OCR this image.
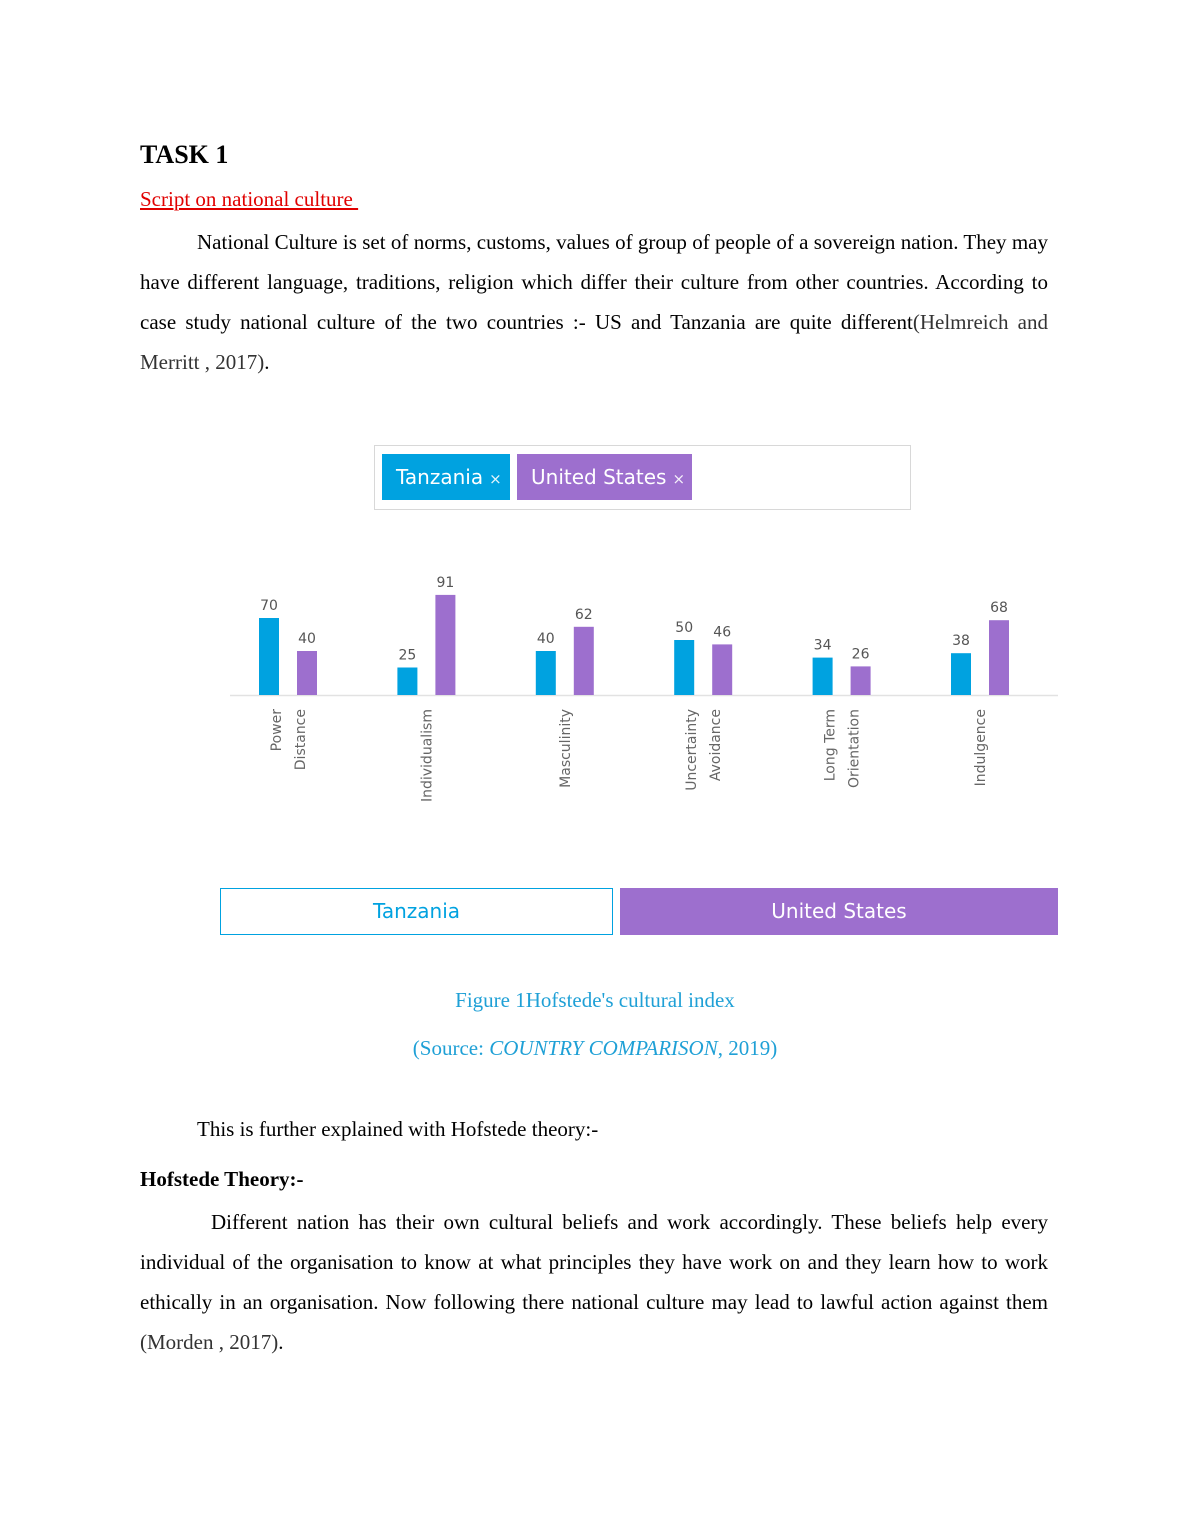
TASK 1
Script on national culture
National Culture is set of norms, customs, values of group of people of a sovereign nation. They may have different language, traditions, religion which differ their culture from other countries. According to case study national culture of the two countries :- US and Tanzania are quite different(Helmreich and Merritt , 2017).
Tanzania ×	United States ×
70
40
Power Distance
25
91
Individualism
40
62
Masculinity
50 46
Uncertainty Avoidance
34
26
Long Term Orientation
38
68
Indulgence
Tanzania	United States
Figure 1Hofstede's cultural index
(Source: COUNTRY COMPARISON, 2019)
This is further explained with Hofstede theory:-
Hofstede Theory:-
Different nation has their own cultural beliefs and work accordingly. These beliefs help every individual of the organisation to know at what principles they have work on and they learn how to work ethically in an organisation. Now following there national culture may lead to lawful action against them (Morden , 2017).
